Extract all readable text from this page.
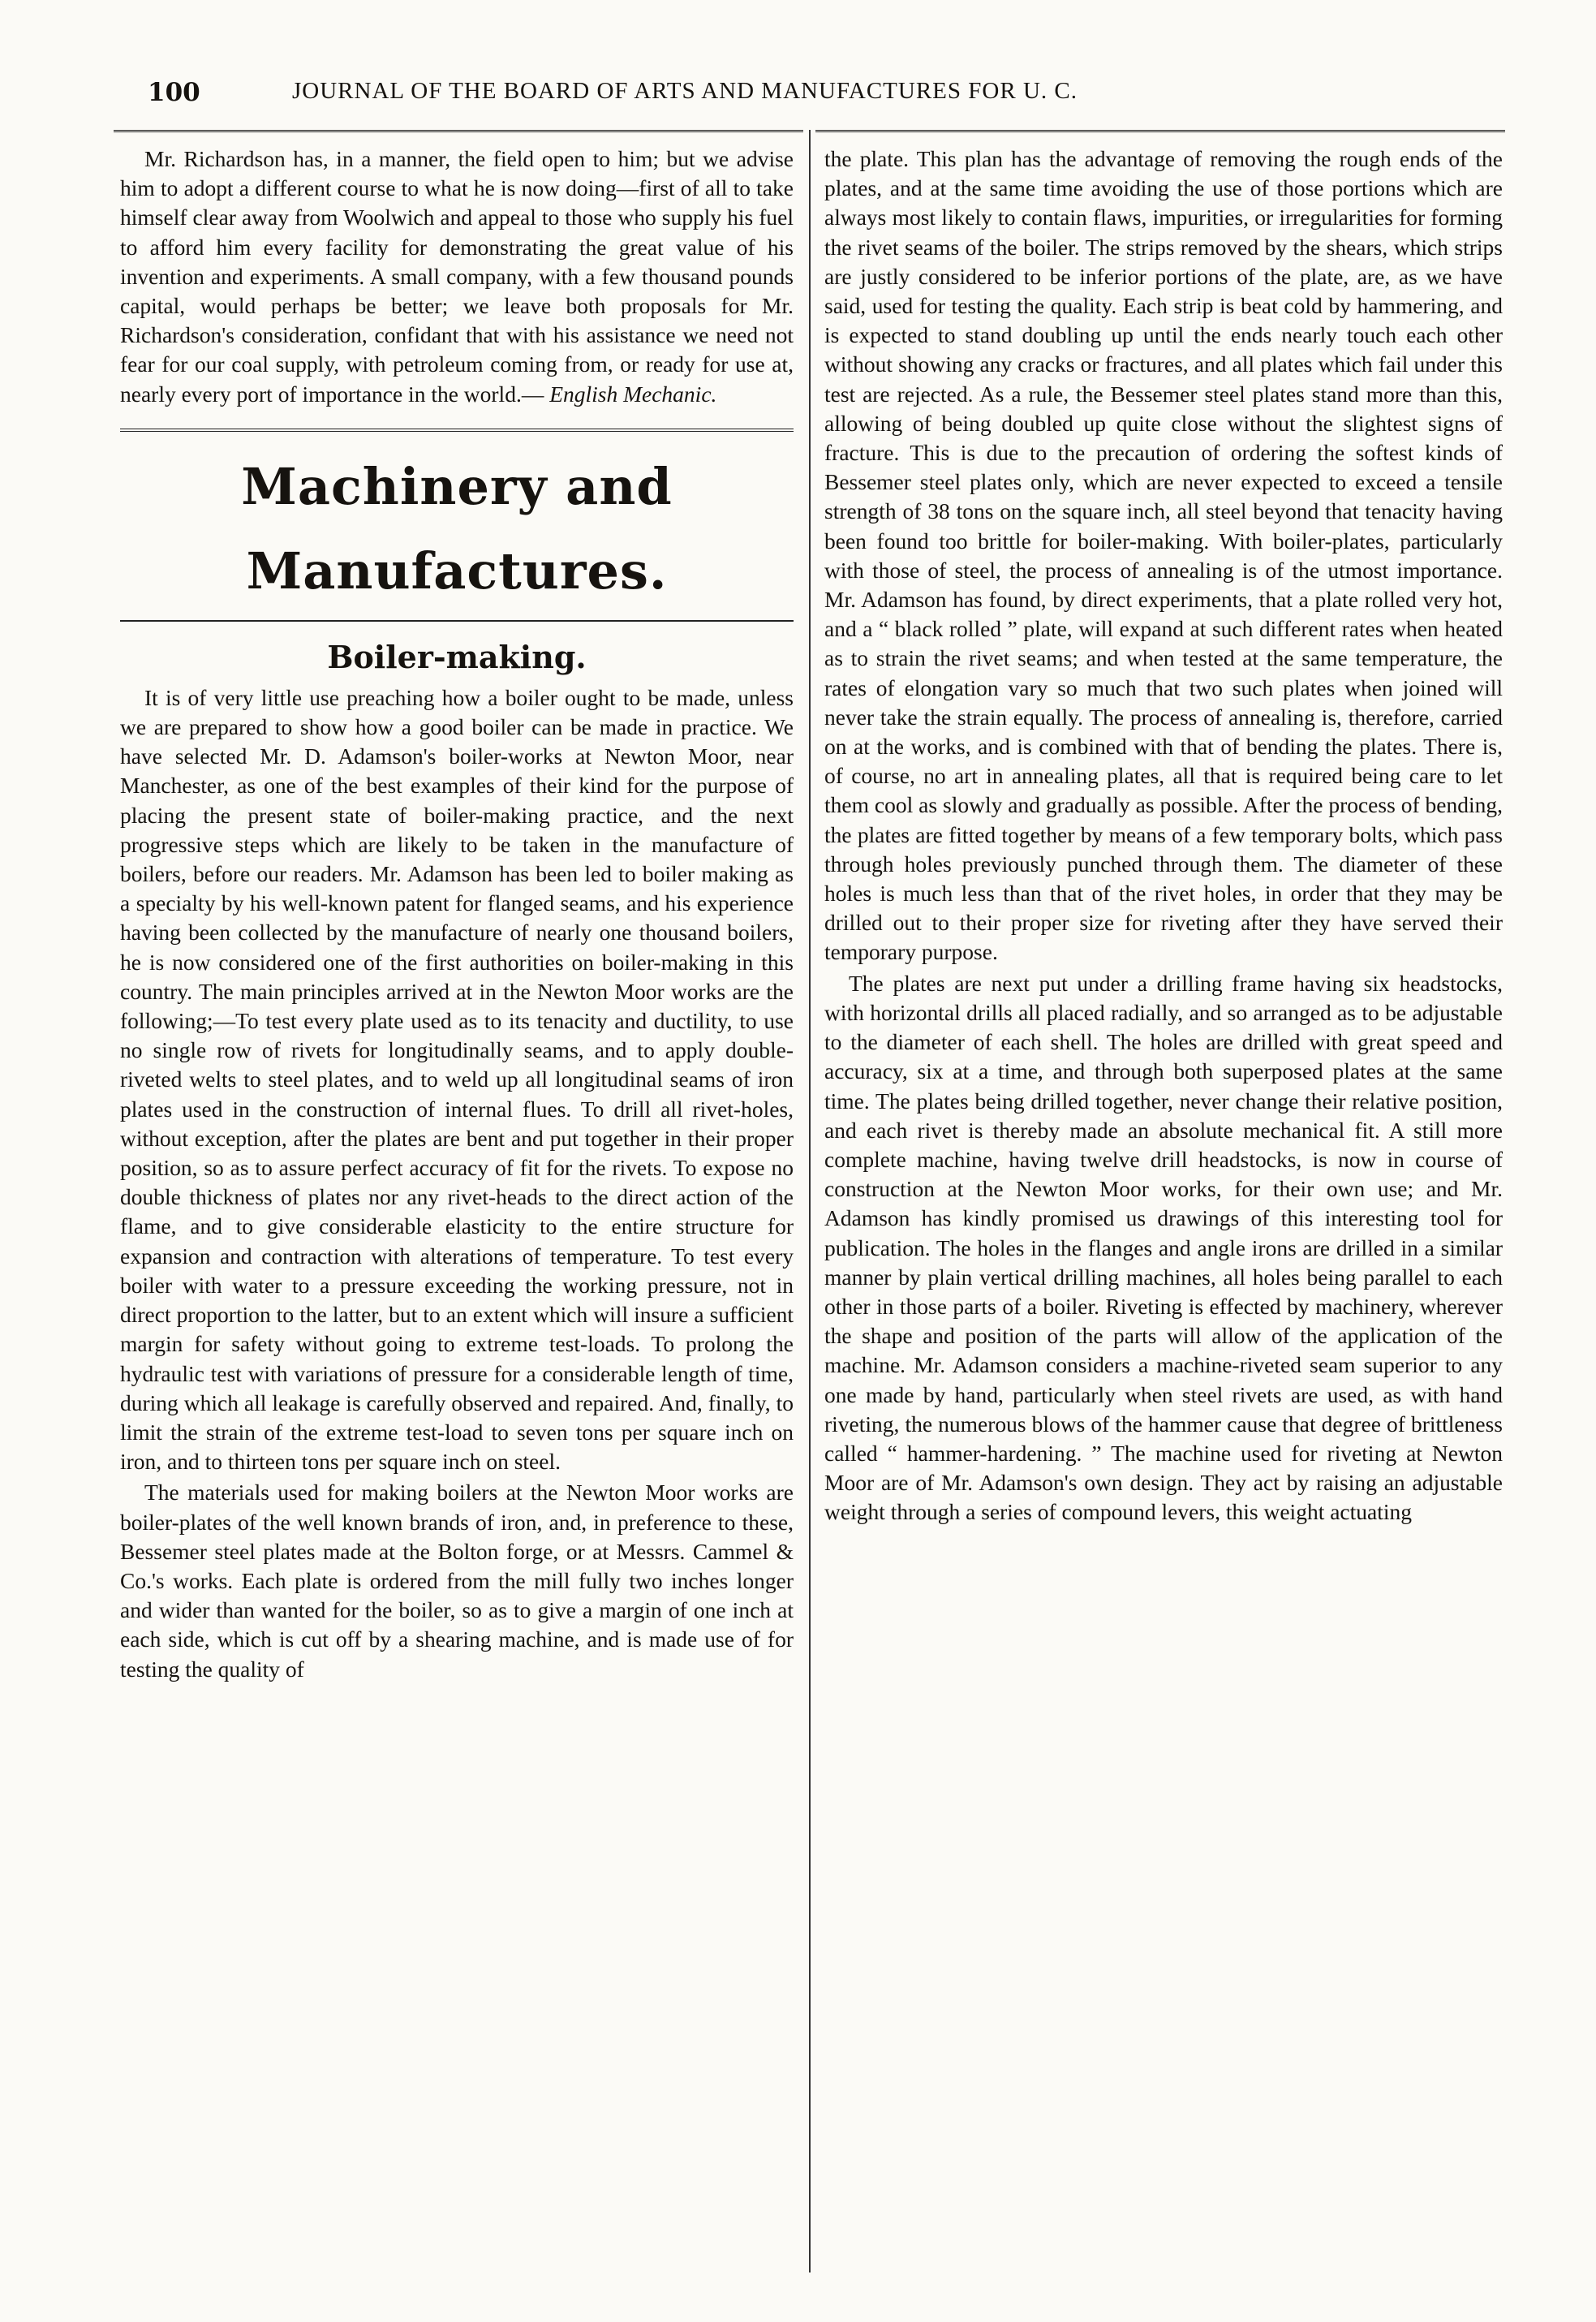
100	JOURNAL OF THE BOARD OF ARTS AND MANUFACTURES FOR U. C.

Mr. Richardson has, in a manner, the field open to him; but we advise him to adopt a different course to what he is now doing—first of all to take himself clear away from Woolwich and appeal to those who supply his fuel to afford him every facility for demonstrating the great value of his invention and experiments. A small company, with a few thousand pounds capital, would perhaps be better; we leave both proposals for Mr. Richardson's consideration, confidant that with his assistance we need not fear for our coal supply, with petroleum coming from, or ready for use at, nearly every port of importance in the world.— English Mechanic.

Machinery and Manufactures.
Boiler-making.

It is of very little use preaching how a boiler ought to be made, unless we are prepared to show how a good boiler can be made in practice. We have selected Mr. D. Adamson's boiler-works at Newton Moor, near Manchester, as one of the best examples of their kind for the purpose of placing the present state of boiler-making practice, and the next progressive steps which are likely to be taken in the manufacture of boilers, before our readers. Mr. Adamson has been led to boiler making as a specialty by his well-known patent for flanged seams, and his experience having been collected by the manufacture of nearly one thousand boilers, he is now considered one of the first authorities on boiler-making in this country. The main principles arrived at in the Newton Moor works are the following;—To test every plate used as to its tenacity and ductility, to use no single row of rivets for longitudinally seams, and to apply double-riveted welts to steel plates, and to weld up all longitudinal seams of iron plates used in the construction of internal flues. To drill all rivet-holes, without exception, after the plates are bent and put together in their proper position, so as to assure perfect accuracy of fit for the rivets. To expose no double thickness of plates nor any rivet-heads to the direct action of the flame, and to give considerable elasticity to the entire structure for expansion and contraction with alterations of temperature. To test every boiler with water to a pressure exceeding the working pressure, not in direct proportion to the latter, but to an extent which will insure a sufficient margin for safety without going to extreme test-loads. To prolong the hydraulic test with variations of pressure for a considerable length of time, during which all leakage is carefully observed and repaired. And, finally, to limit the strain of the extreme test-load to seven tons per square inch on iron, and to thirteen tons per square inch on steel.

The materials used for making boilers at the Newton Moor works are boiler-plates of the well known brands of iron, and, in preference to these, Bessemer steel plates made at the Bolton forge, or at Messrs. Cammel & Co.'s works. Each plate is ordered from the mill fully two inches longer and wider than wanted for the boiler, so as to give a margin of one inch at each side, which is cut off by a shearing machine, and is made use of for testing the quality of

the plate. This plan has the advantage of removing the rough ends of the plates, and at the same time avoiding the use of those portions which are always most likely to contain flaws, impurities, or irregularities for forming the rivet seams of the boiler. The strips removed by the shears, which strips are justly considered to be inferior portions of the plate, are, as we have said, used for testing the quality. Each strip is beat cold by hammering, and is expected to stand doubling up until the ends nearly touch each other without showing any cracks or fractures, and all plates which fail under this test are rejected. As a rule, the Bessemer steel plates stand more than this, allowing of being doubled up quite close without the slightest signs of fracture. This is due to the precaution of ordering the softest kinds of Bessemer steel plates only, which are never expected to exceed a tensile strength of 38 tons on the square inch, all steel beyond that tenacity having been found too brittle for boiler-making. With boiler-plates, particularly with those of steel, the process of annealing is of the utmost importance. Mr. Adamson has found, by direct experiments, that a plate rolled very hot, and a “ black rolled ” plate, will expand at such different rates when heated as to strain the rivet seams; and when tested at the same temperature, the rates of elongation vary so much that two such plates when joined will never take the strain equally. The process of annealing is, therefore, carried on at the works, and is combined with that of bending the plates. There is, of course, no art in annealing plates, all that is required being care to let them cool as slowly and gradually as possible. After the process of bending, the plates are fitted together by means of a few temporary bolts, which pass through holes previously punched through them. The diameter of these holes is much less than that of the rivet holes, in order that they may be drilled out to their proper size for riveting after they have served their temporary purpose.

The plates are next put under a drilling frame having six headstocks, with horizontal drills all placed radially, and so arranged as to be adjustable to the diameter of each shell. The holes are drilled with great speed and accuracy, six at a time, and through both superposed plates at the same time. The plates being drilled together, never change their relative position, and each rivet is thereby made an absolute mechanical fit. A still more complete machine, having twelve drill headstocks, is now in course of construction at the Newton Moor works, for their own use; and Mr. Adamson has kindly promised us drawings of this interesting tool for publication. The holes in the flanges and angle irons are drilled in a similar manner by plain vertical drilling machines, all holes being parallel to each other in those parts of a boiler. Riveting is effected by machinery, wherever the shape and position of the parts will allow of the application of the machine. Mr. Adamson considers a machine-riveted seam superior to any one made by hand, particularly when steel rivets are used, as with hand riveting, the numerous blows of the hammer cause that degree of brittleness called “ hammer-hardening. ” The machine used for riveting at Newton Moor are of Mr. Adamson's own design. They act by raising an adjustable weight through a series of compound levers, this weight actuating
